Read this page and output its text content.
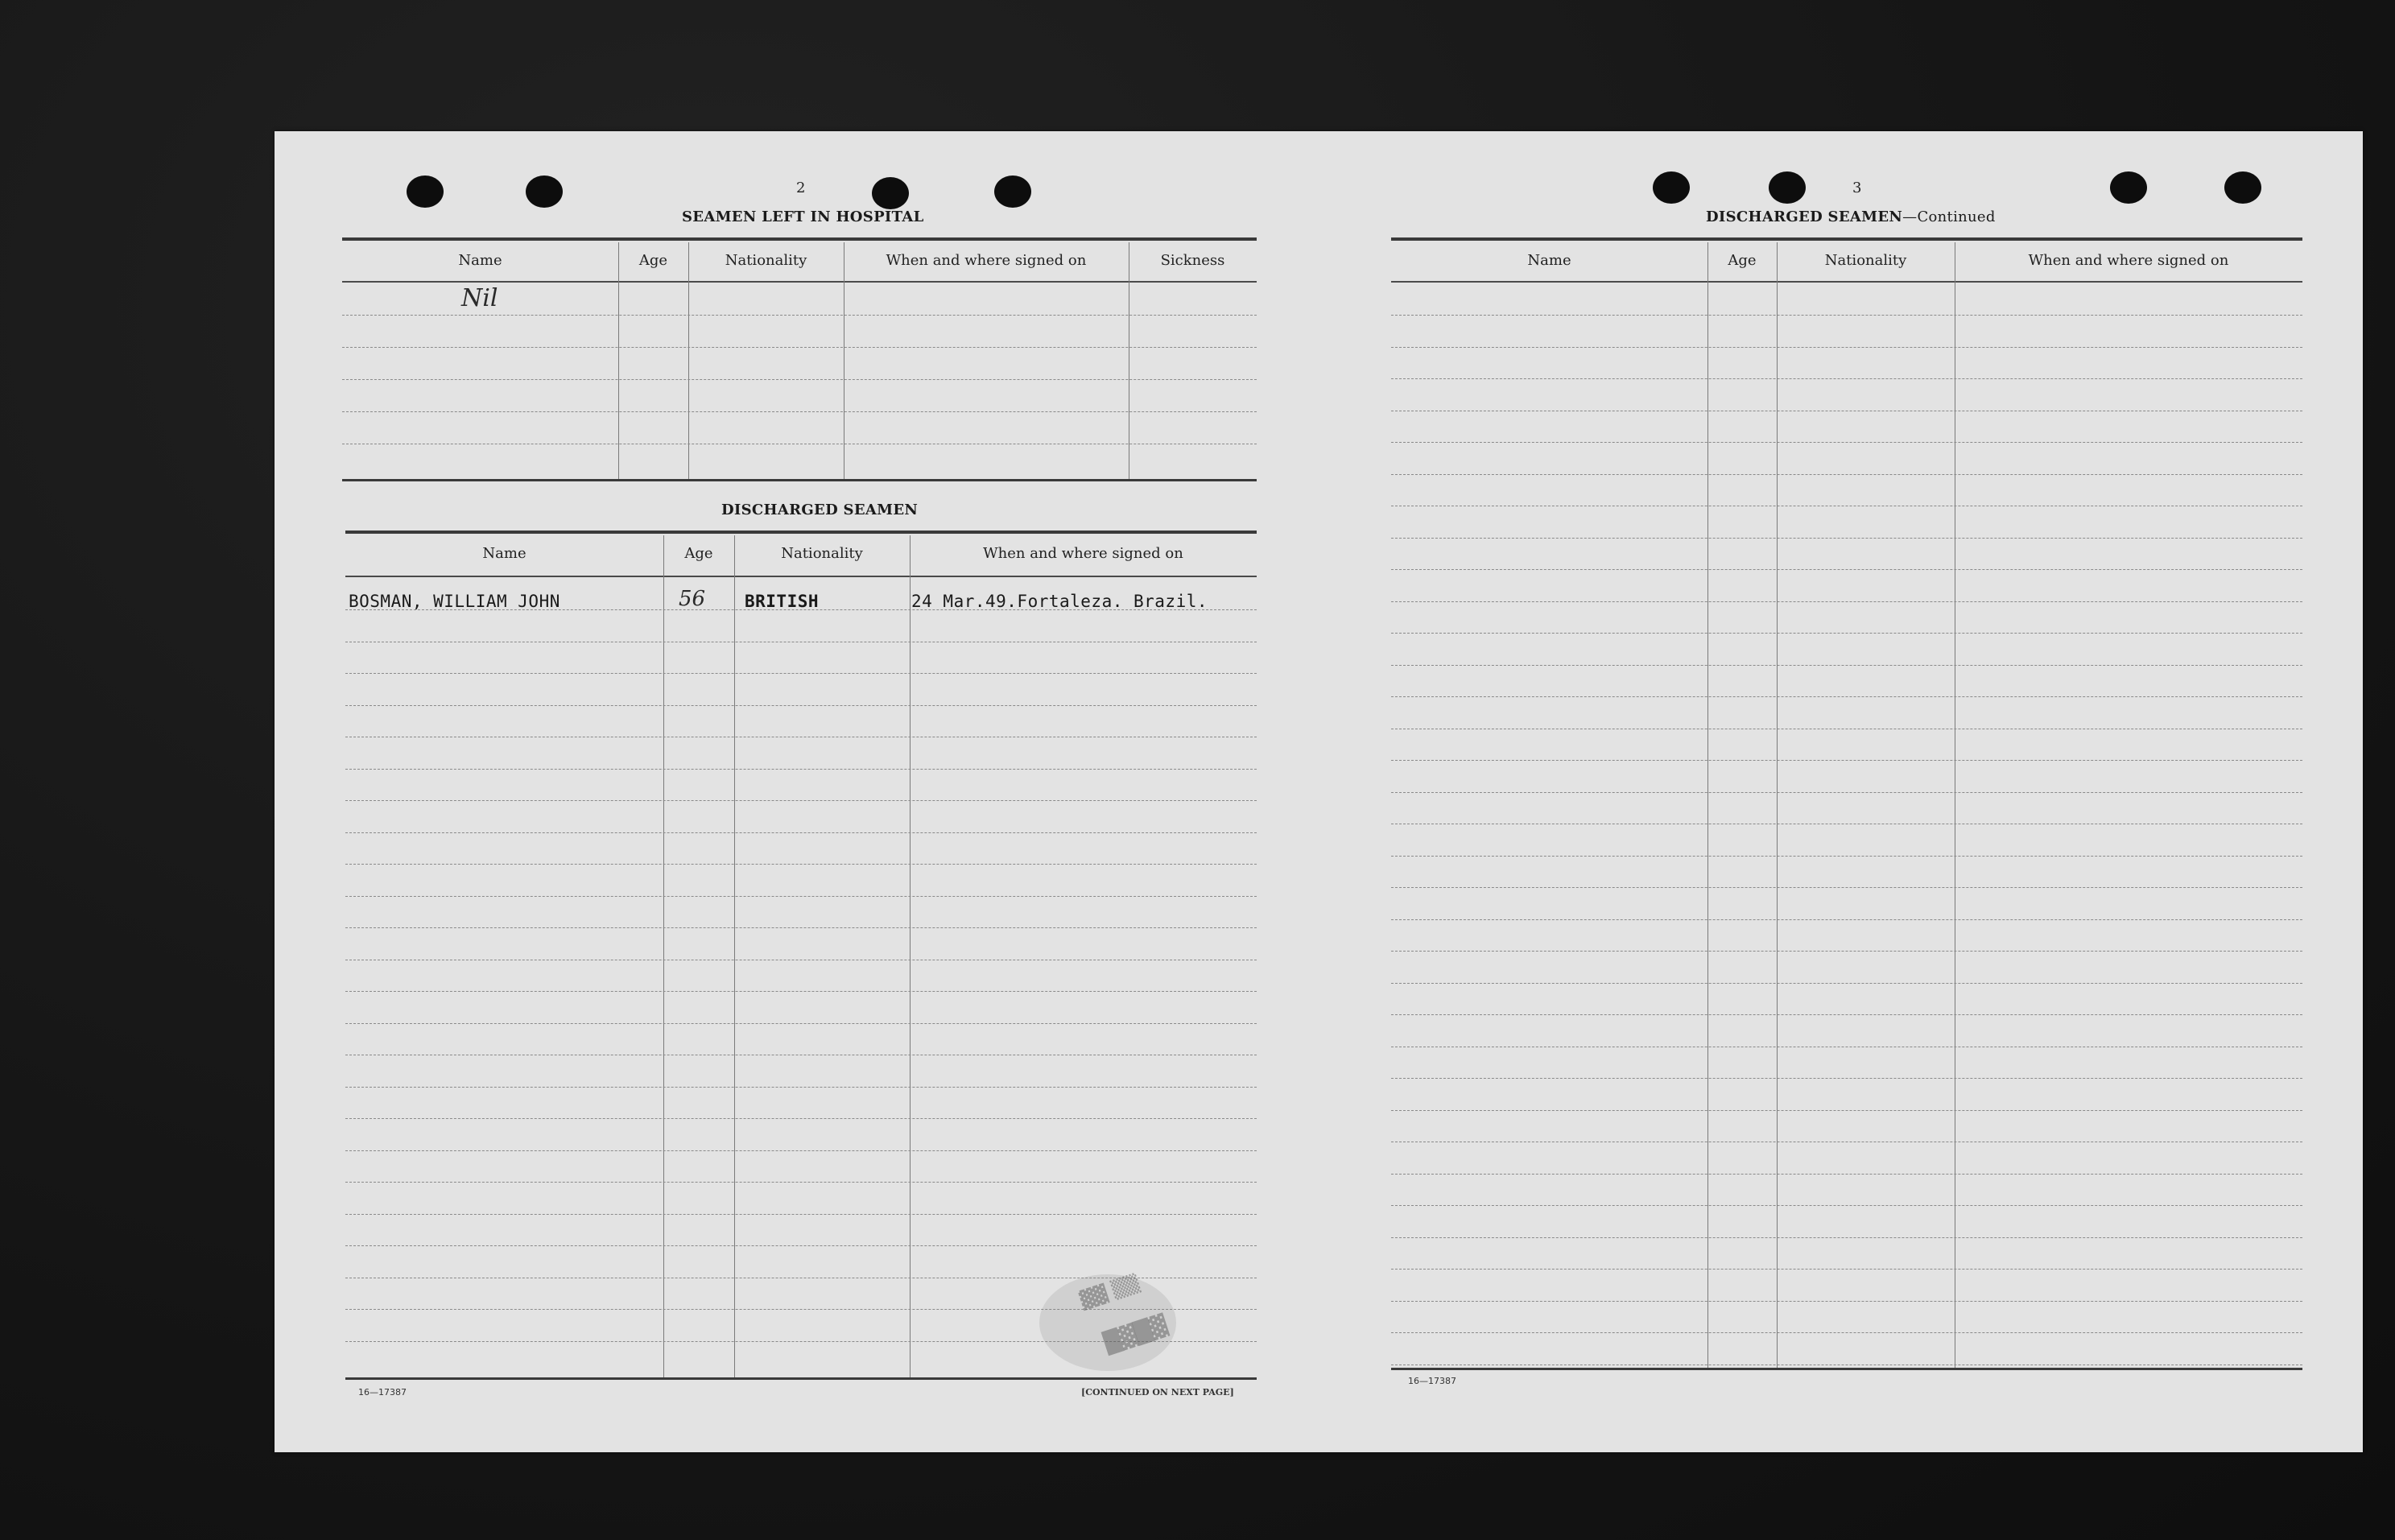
2
SEAMEN LEFT IN HOSPITAL
Name	Age	Nationality	When and where signed on	Sickness
Nil
DISCHARGED SEAMEN
Name	Age	Nationality	When and where signed on
BOSMAN, WILLIAM JOHN	56 BRITISH	24 Mar.49.Fortaleza. Brazil.
▓▓ ▒▒
█▓█▓
16—17387	[CONTINUED ON NEXT PAGE]
3
DISCHARGED SEAMEN—Continued
Name	Age	Nationality	When and where signed on
16—17387
